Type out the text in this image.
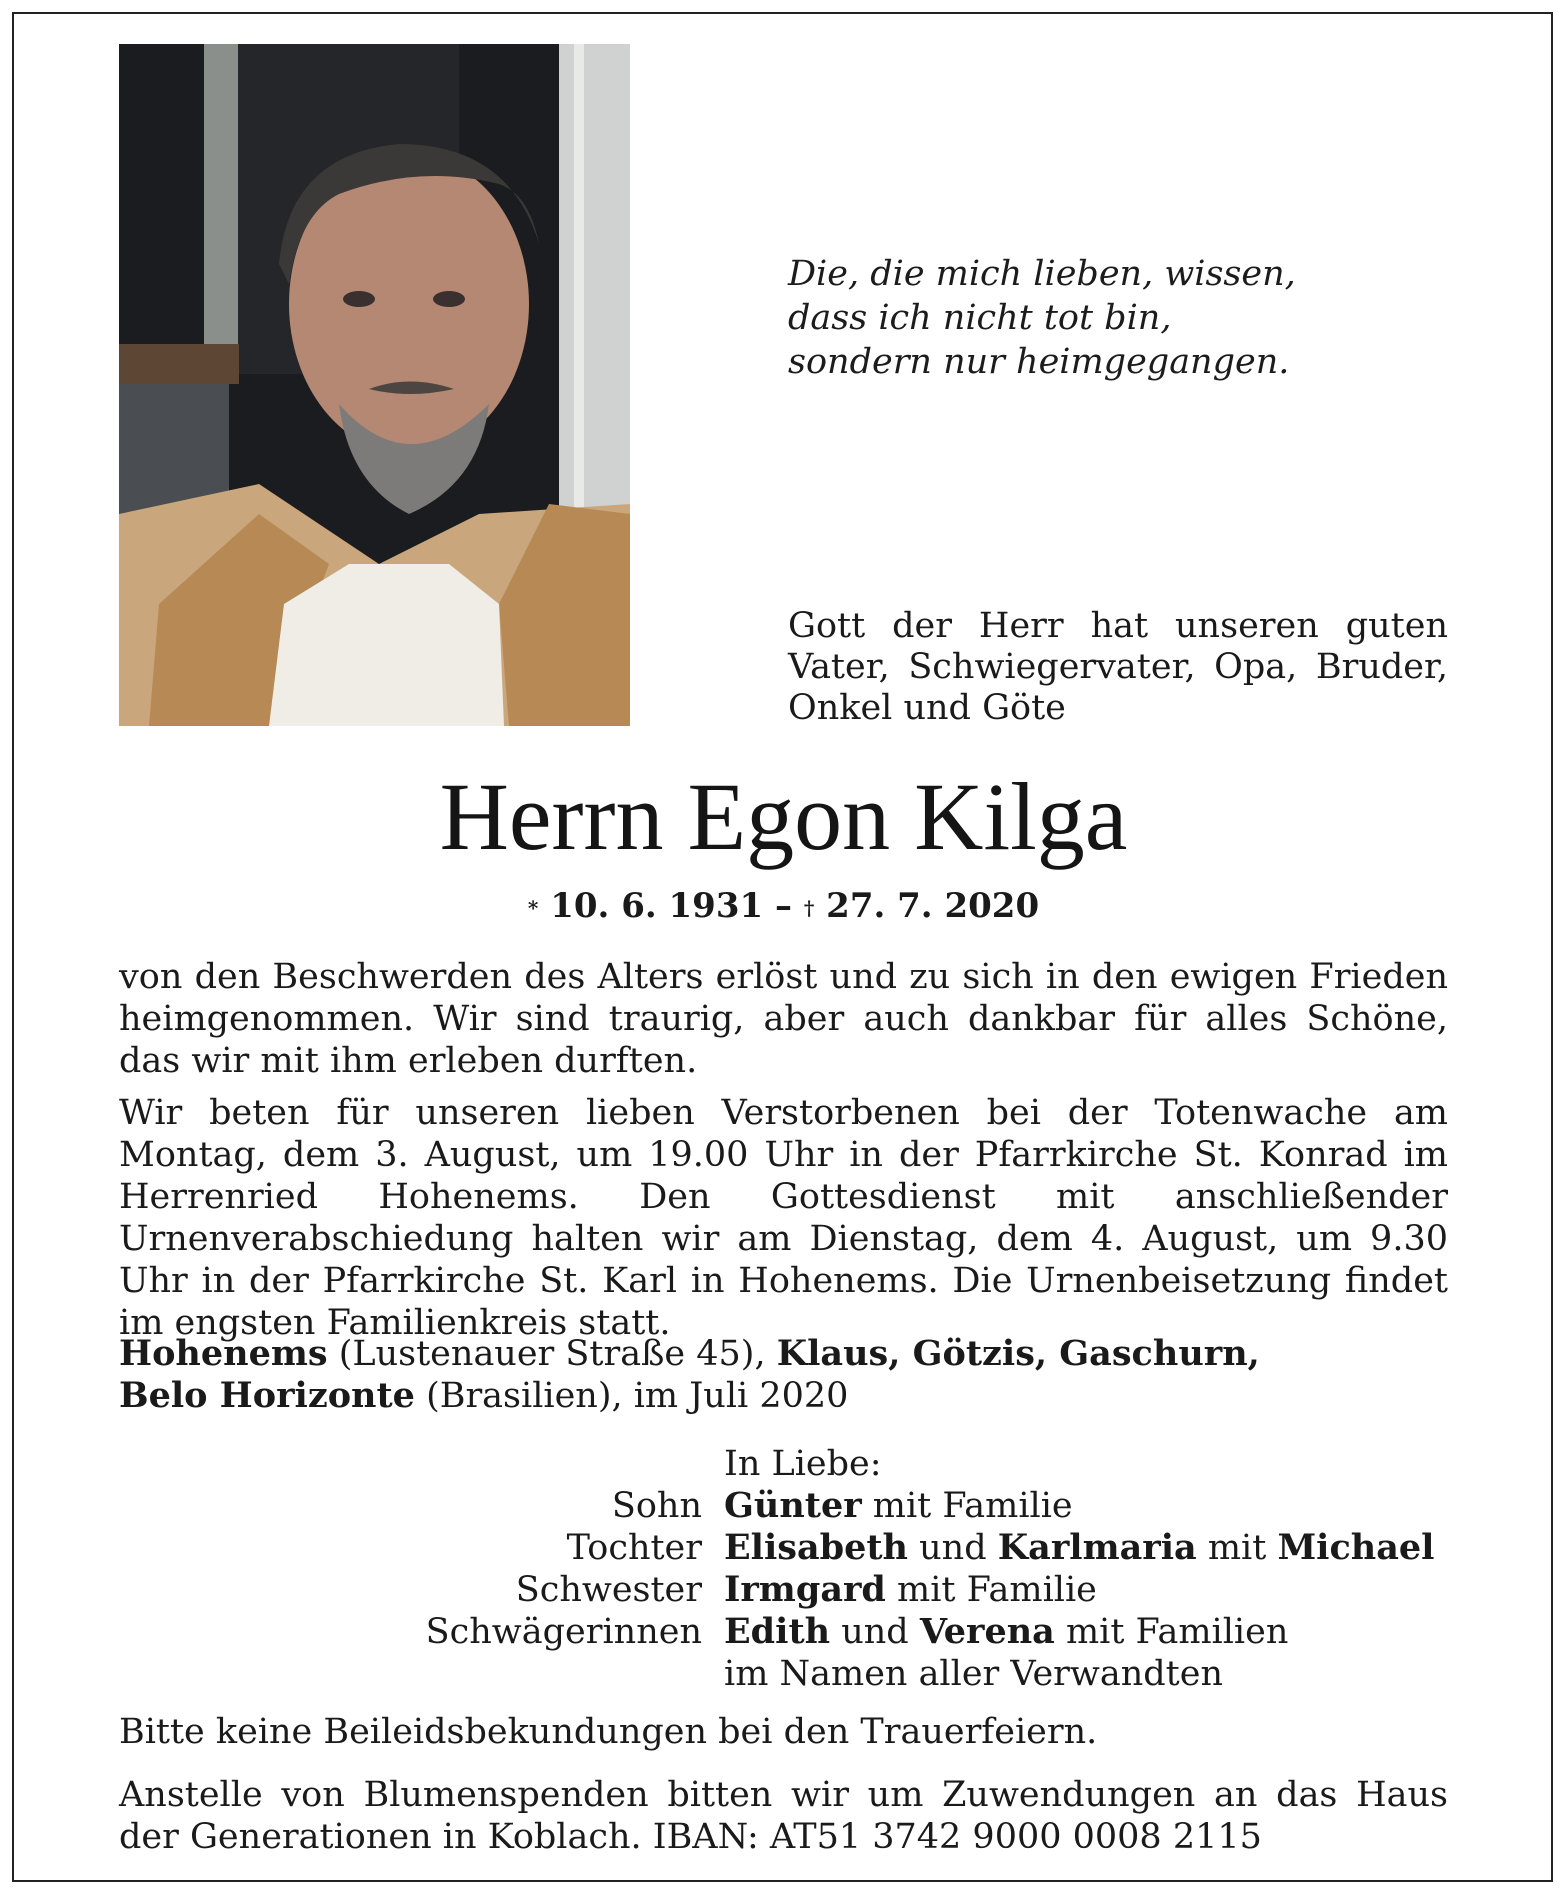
Die, die mich lieben, wissen,
dass ich nicht tot bin,
sondern nur heimgegangen.
Gott der Herr hat unseren guten Vater, Schwiegervater, Opa, Bruder, Onkel und Göte
Herrn Egon Kilga
* 10. 6. 1931 – † 27. 7. 2020
von den Beschwerden des Alters erlöst und zu sich in den ewigen Frieden heimgenommen. Wir sind traurig, aber auch dankbar für alles Schöne, das wir mit ihm erleben durften.
Wir beten für unseren lieben Verstorbenen bei der Totenwache am Montag, dem 3. August, um 19.00 Uhr in der Pfarrkirche St. Konrad im Herrenried Hohenems. Den Gottesdienst mit anschließender Urnenverabschiedung halten wir am Dienstag, dem 4. August, um 9.30 Uhr in der Pfarrkirche St. Karl in Hohenems. Die Urnenbeisetzung findet im engsten Familienkreis statt.
Hohenems (Lustenauer Straße 45), Klaus, Götzis, Gaschurn,
Belo Horizonte (Brasilien), im Juli 2020
In Liebe:
Sohn Günter mit Familie
Tochter Elisabeth und Karlmaria mit Michael
Schwester Irmgard mit Familie
Schwägerinnen Edith und Verena mit Familien
im Namen aller Verwandten
Bitte keine Beileidsbekundungen bei den Trauerfeiern.
Anstelle von Blumenspenden bitten wir um Zuwendungen an das Haus der Generationen in Koblach. IBAN: AT51 3742 9000 0008 2115
